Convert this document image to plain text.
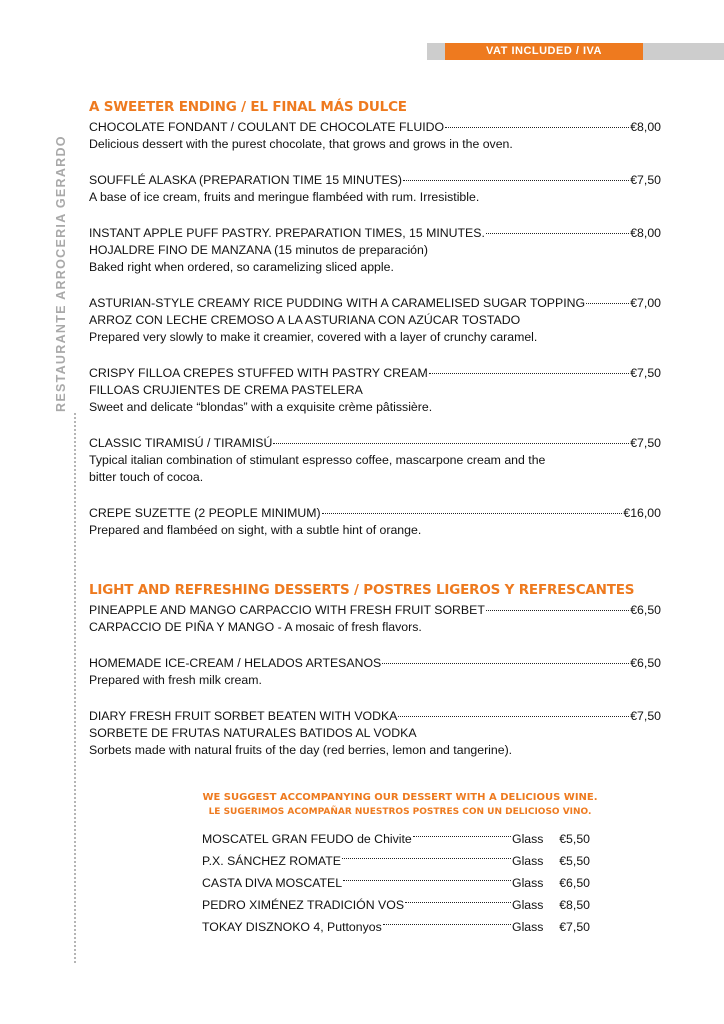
VAT INCLUDED / IVA
RESTAURANTE ARROCERIA GERARDO
A SWEETER ENDING / EL FINAL MÁS DULCE
CHOCOLATE FONDANT / COULANT DE CHOCOLATE FLUIDO	€8,00
Delicious dessert with the purest chocolate, that grows and grows in the oven.
SOUFFLÉ ALASKA (PREPARATION TIME 15 MINUTES)	€7,50
A base of ice cream, fruits and meringue flambéed with rum. Irresistible.
INSTANT APPLE PUFF PASTRY. PREPARATION TIMES, 15 MINUTES.	€8,00
HOJALDRE FINO DE MANZANA (15 minutos de preparación)
Baked right when ordered, so caramelizing sliced apple.
ASTURIAN-STYLE CREAMY RICE PUDDING WITH A CARAMELISED SUGAR TOPPING	€7,00
ARROZ CON LECHE CREMOSO A LA ASTURIANA CON AZÚCAR TOSTADO
Prepared very slowly to make it creamier, covered with a layer of crunchy caramel.
CRISPY FILLOA CREPES STUFFED WITH PASTRY CREAM	€7,50
FILLOAS CRUJIENTES DE CREMA PASTELERA
Sweet and delicate “blondas” with a exquisite crème pâtissière.
CLASSIC TIRAMISÚ / TIRAMISÚ	€7,50
Typical italian combination of stimulant espresso coffee, mascarpone cream and the
bitter touch of cocoa.
CREPE SUZETTE (2 PEOPLE MINIMUM)	€16,00
Prepared and flambéed on sight, with a subtle hint of orange.
LIGHT AND REFRESHING DESSERTS / POSTRES LIGEROS Y REFRESCANTES
PINEAPPLE AND MANGO CARPACCIO WITH FRESH FRUIT SORBET	€6,50
CARPACCIO DE PIÑA Y MANGO - A mosaic of fresh flavors.
HOMEMADE ICE-CREAM / HELADOS ARTESANOS	€6,50
Prepared with fresh milk cream.
DIARY FRESH FRUIT SORBET BEATEN WITH VODKA	€7,50
SORBETE DE FRUTAS NATURALES BATIDOS AL VODKA
Sorbets made with natural fruits of the day (red berries, lemon and tangerine).
WE SUGGEST ACCOMPANYING OUR DESSERT WITH A DELICIOUS WINE.
LE SUGERIMOS ACOMPAÑAR NUESTROS POSTRES CON UN DELICIOSO VINO.
MOSCATEL GRAN FEUDO de Chivite	Glass	€5,50
P.X. SÁNCHEZ ROMATE	Glass	€5,50
CASTA DIVA MOSCATEL	Glass	€6,50
PEDRO XIMÉNEZ TRADICIÓN VOS	Glass	€8,50
TOKAY DISZNOKO 4, Puttonyos	Glass	€7,50
